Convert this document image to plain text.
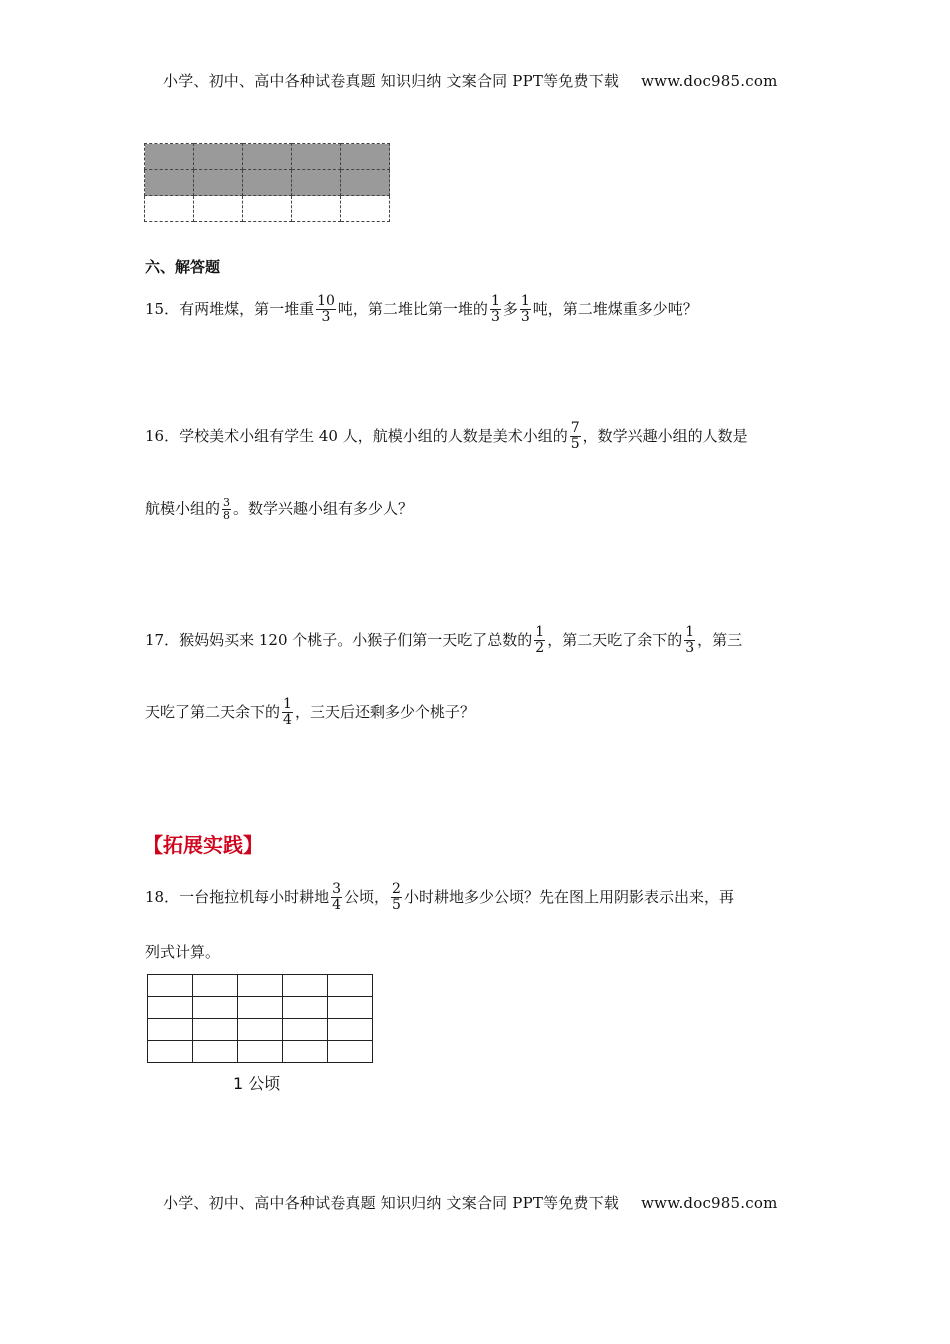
小学、初中、高中各种试卷真题 知识归纳 文案合同 PPT等免费下载 www.doc985.com

六、解答题
15．有两堆煤，第一堆重 $\frac{10}{3}$ 吨，第二堆比第一堆的 $\frac{1}{3}$ 多 $\frac{1}{3}$ 吨，第二堆煤重多少吨？
16．学校美术小组有学生 40 人，航模小组的人数是美术小组的 $\frac{7}{5}$ ，数学兴趣小组的人数是
航模小组的 $\frac{3}{8}$ 。数学兴趣小组有多少人？
17．猴妈妈买来 120 个桃子。小猴子们第一天吃了总数的 $\frac{1}{2}$ ，第二天吃了余下的 $\frac{1}{3}$ ，第三
天吃了第二天余下的 $\frac{1}{4}$ ，三天后还剩多少个桃子？
【拓展实践】
18．一台拖拉机每小时耕地 $\frac{3}{4}$ 公顷， $\frac{2}{5}$ 小时耕地多少公顷？先在图上用阴影表示出来，再
列式计算。

1 公顷
小学、初中、高中各种试卷真题 知识归纳 文案合同 PPT等免费下载 www.doc985.com
